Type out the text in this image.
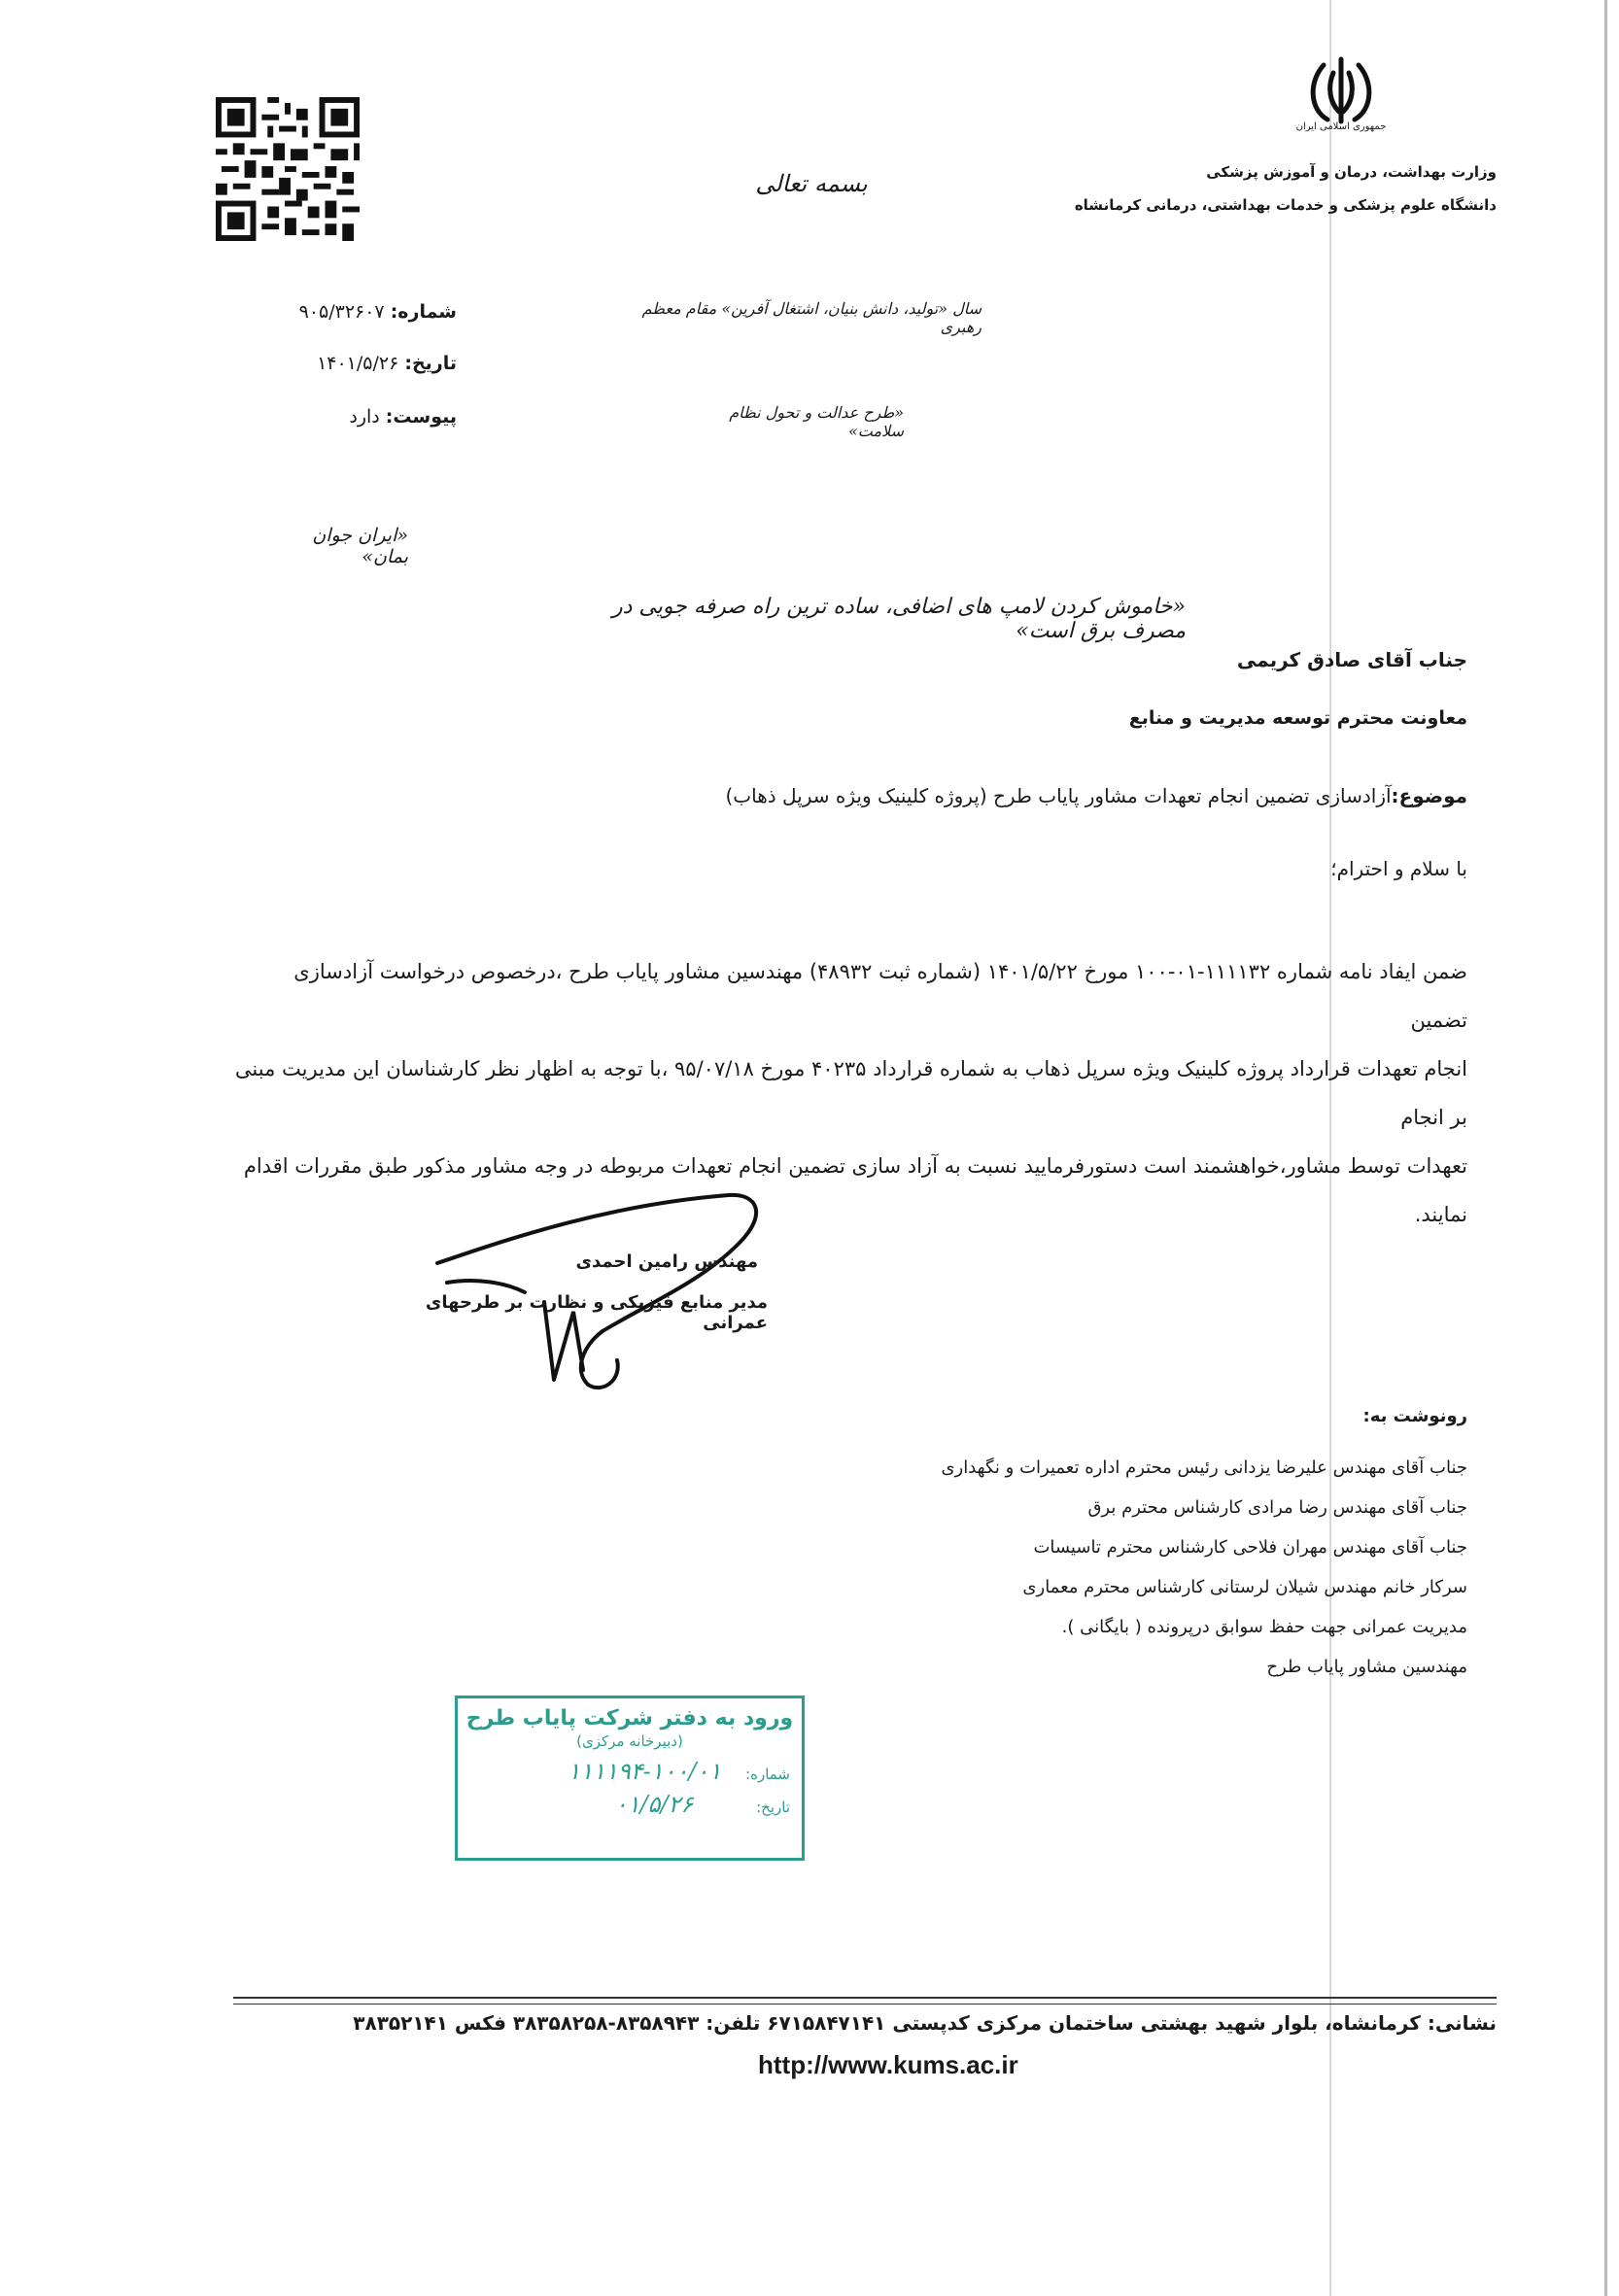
جمهوری اسلامی ایران
وزارت بهداشت، درمان و آموزش پزشکی
دانشگاه علوم پزشکی و خدمات بهداشتی، درمانی کرمانشاه
بسمه تعالی
شماره: ۹۰۵/۳۲۶۰۷
تاریخ: ۱۴۰۱/۵/۲۶
پیوست: دارد
سال «تولید، دانش بنیان، اشتغال آفرین» مقام معظم رهبری
«طرح عدالت و تحول نظام سلامت»
«ایران جوان بمان»
«خاموش کردن لامپ های اضافی، ساده ترین راه صرفه جویی در مصرف برق است»
جناب آقای صادق کریمی
معاونت محترم توسعه مدیریت و منابع
موضوع:آزادسازی تضمین انجام تعهدات مشاور پایاب طرح (پروژه کلینیک ویژه سرپل ذهاب)
با سلام و احترام؛
ضمن ایفاد نامه شماره ۱۱۱۱۳۲-۰۱-۱۰۰ مورخ ۱۴۰۱/۵/۲۲ (شماره ثبت ۴۸۹۳۲) مهندسین مشاور پایاب طرح ،درخصوص درخواست آزادسازی تضمین
انجام تعهدات قرارداد پروژه کلینیک ویژه سرپل ذهاب به شماره قرارداد ۴۰۲۳۵ مورخ ۹۵/۰۷/۱۸ ،با توجه به اظهار نظر کارشناسان این مدیریت مبنی بر انجام
تعهدات توسط مشاور،خواهشمند است دستورفرمایید نسبت به آزاد سازی تضمین انجام تعهدات مربوطه در وجه مشاور مذکور طبق مقررات اقدام
نمایند.
مهندس رامین احمدی
مدیر منابع فیزیکی و نظارت بر طرحهای عمرانی
رونوشت به:
جناب آقای مهندس علیرضا یزدانی رئیس محترم اداره تعمیرات و نگهداری
جناب آقای مهندس رضا مرادی کارشناس محترم برق
جناب آقای مهندس مهران فلاحی کارشناس محترم تاسیسات
سرکار خانم مهندس شیلان لرستانی کارشناس محترم معماری
مدیریت عمرانی جهت حفظ سوابق درپرونده ( بایگانی ).
مهندسین مشاور پایاب طرح
ورود به دفتر شرکت پایاب طرح
(دبیرخانه مرکزی)
شماره: ۱۰۰/۰۱-۱۱۱۱۹۴
تاریخ: ۰۱/۵/۲۶
نشانی: کرمانشاه، بلوار شهید بهشتی ساختمان مرکزی کدپستی ۶۷۱۵۸۴۷۱۴۱ تلفن: ۸۳۵۸۹۴۳-۳۸۳۵۸۲۵۸ فکس ۳۸۳۵۲۱۴۱
http://www.kums.ac.ir
